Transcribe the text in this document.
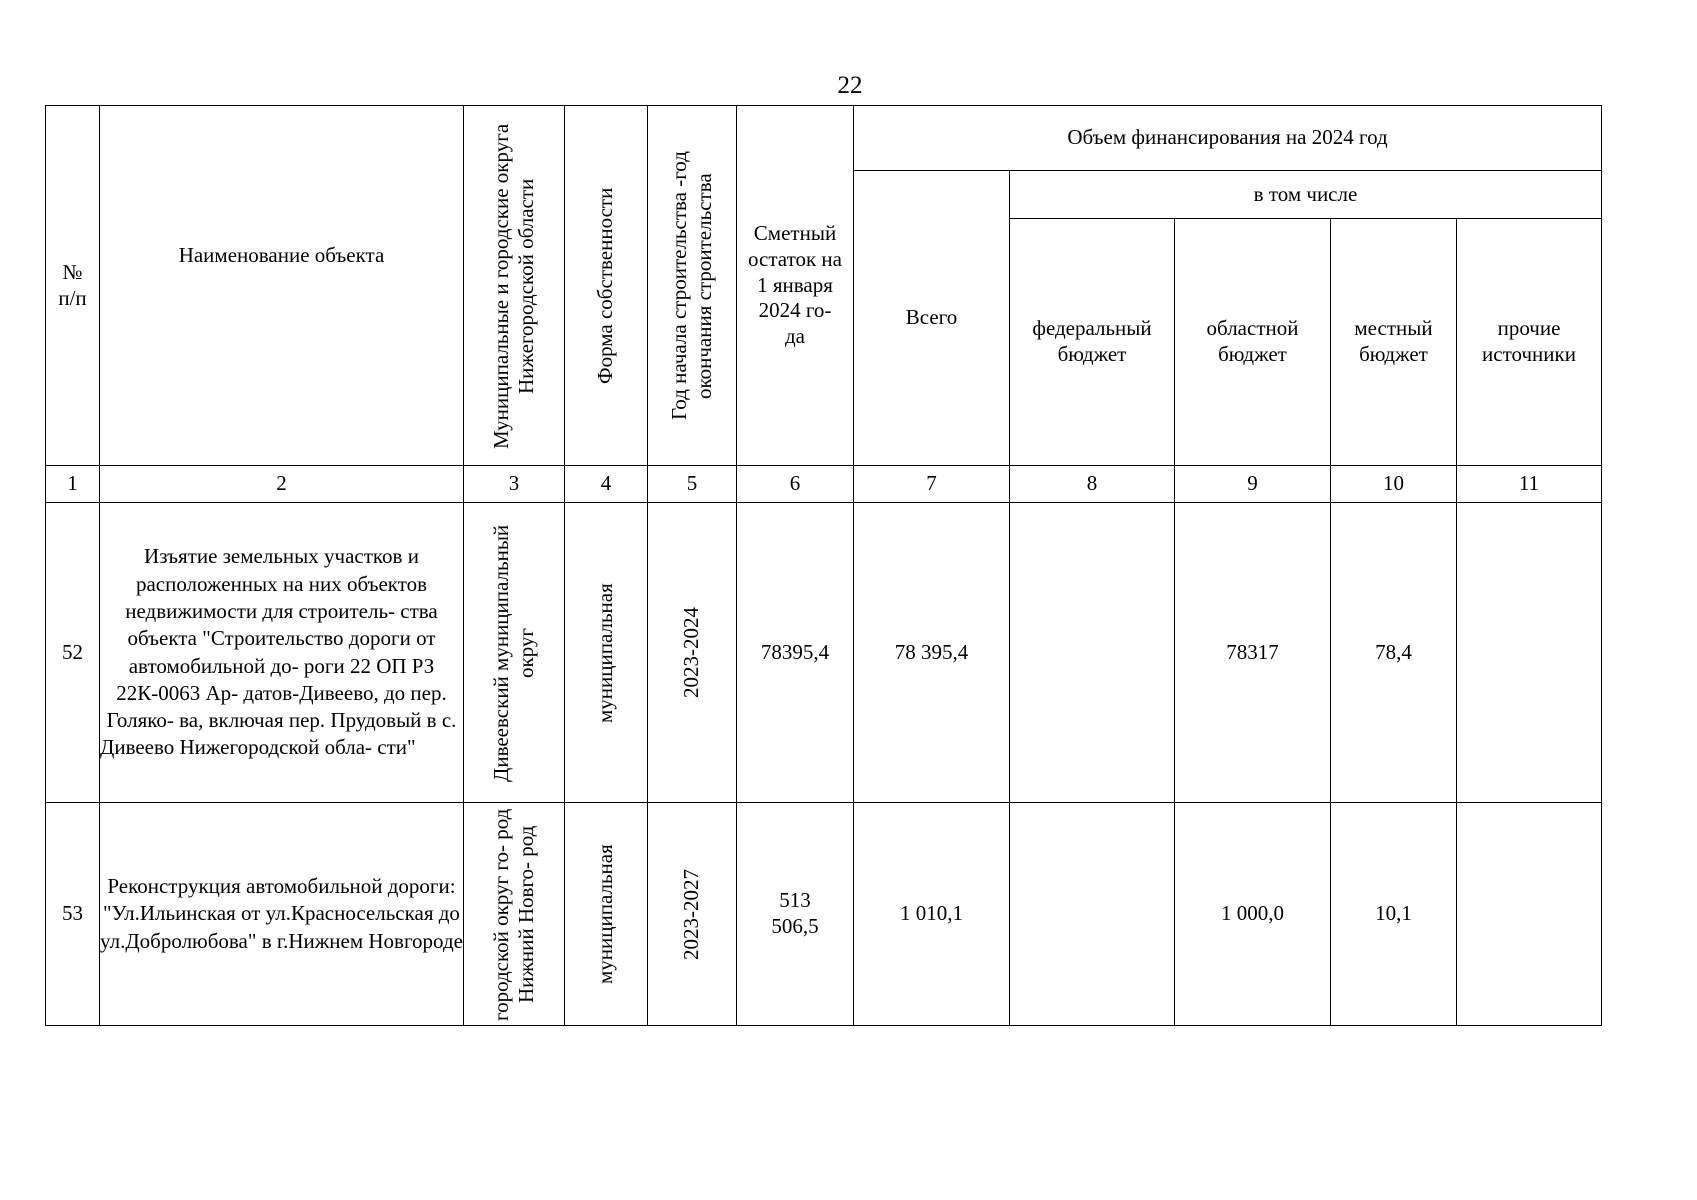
22
№ п/п	Наименование объекта	Муниципальные и городские округа Нижегородской области	Форма собственности	Год начала строительства -год окончания строительства	Сметный остаток на 1 января 2024 го- да	Объем финансирования на 2024 год				
						Всего	в том числе			
							федеральный бюджет	областной бюджет	местный бюджет	прочие источники
1	2	3	4	5	6	7	8	9	10	11
52	Изъятие земельных участков и расположенных на них объектов недвижимости для строитель- ства объекта "Строительство дороги от автомобильной до- роги 22 ОП РЗ 22К-0063 Ар- датов-Дивеево, до пер. Голяко- ва, включая пер. Прудовый в с. Дивеево Нижегородской обла- сти"	Дивеевский муниципальный округ	муниципальная	2023-2024	78395,4	78 395,4		78317	78,4	
53	Реконструкция автомобильной дороги: "Ул.Ильинская от ул.Красносельская до ул.Добролюбова" в г.Нижнем Новгороде	городской округ го- род Нижний Новго- род	муниципальная	2023-2027	513 506,5	1 010,1		1 000,0	10,1	
